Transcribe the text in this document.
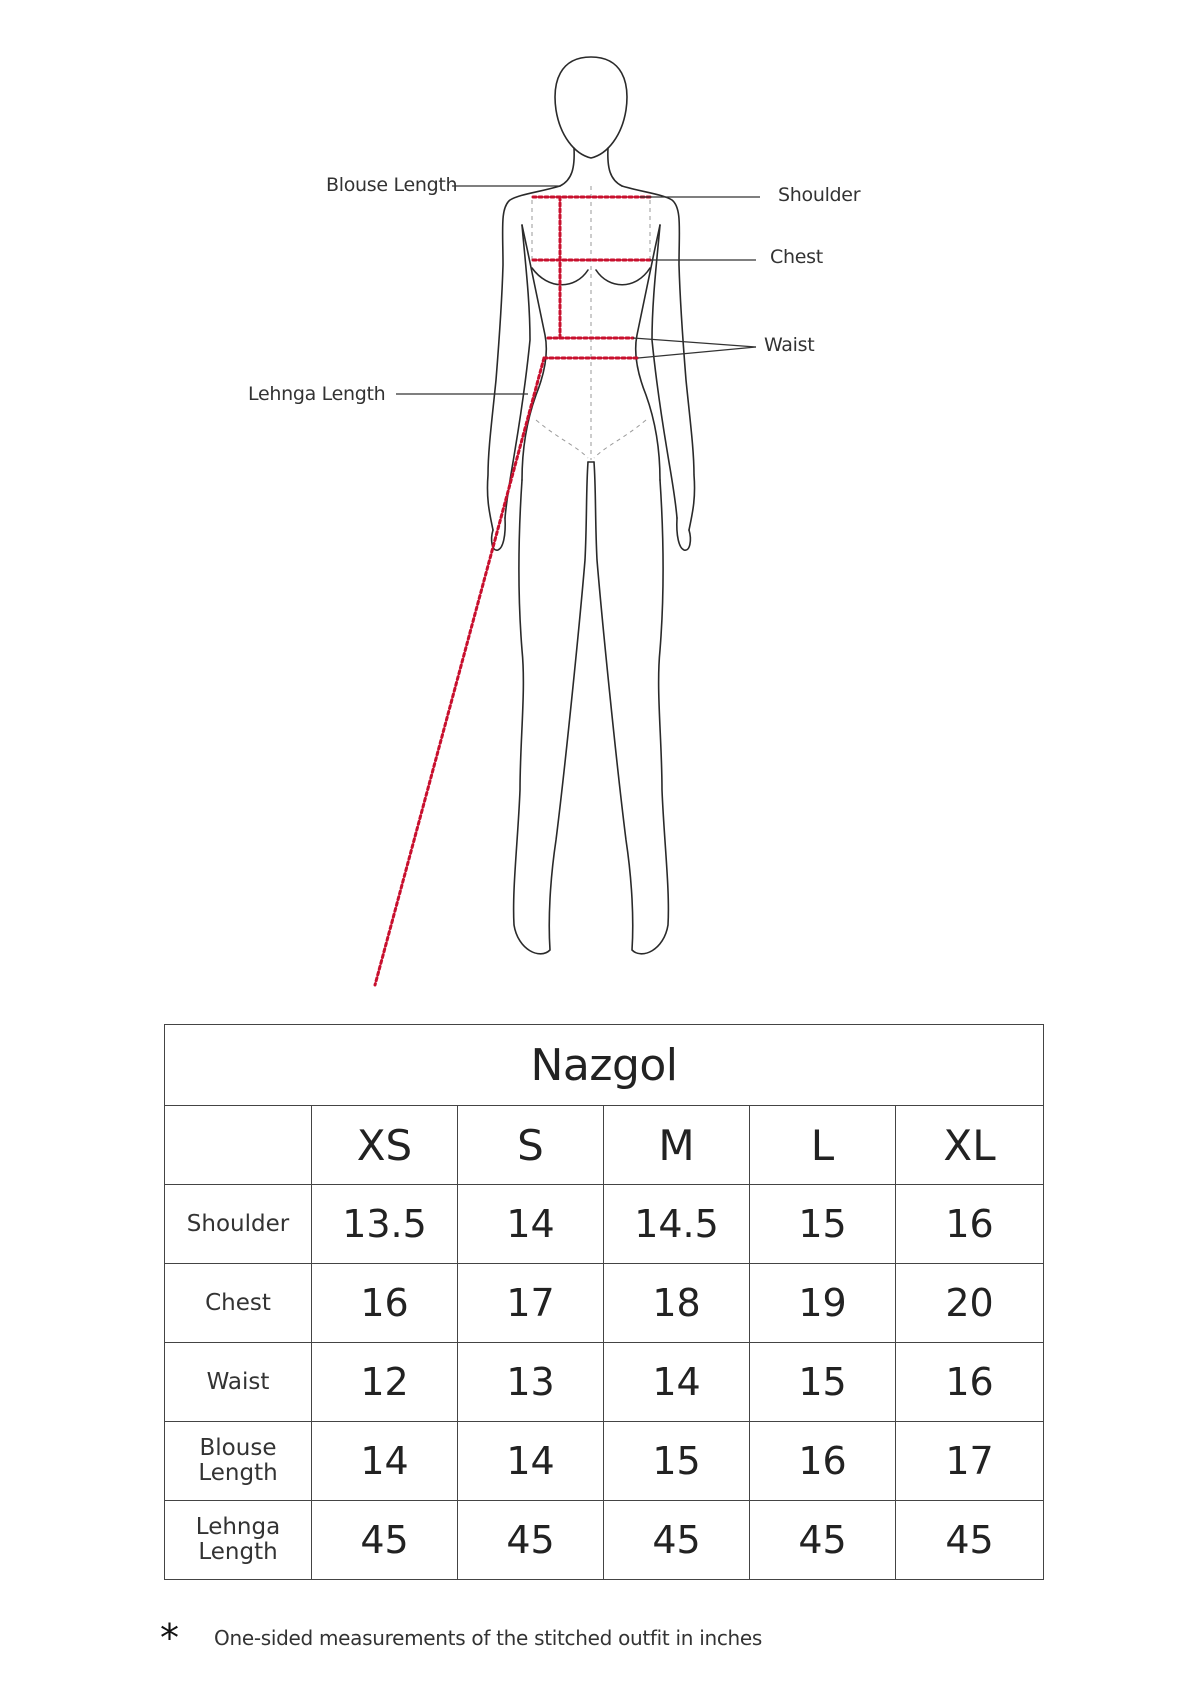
Blouse Length	Shoulder
Chest
Waist
Lehnga Length
Nazgol					
	XS	S	M	L	XL
Shoulder	13.5	14	14.5	15	16
Chest	16	17	18	19	20
Waist	12	13	14	15	16
Blouse Length	14	14	15	16	17
Lehnga Length	45	45	45	45	45
* One-sided measurements of the stitched outfit in inches
